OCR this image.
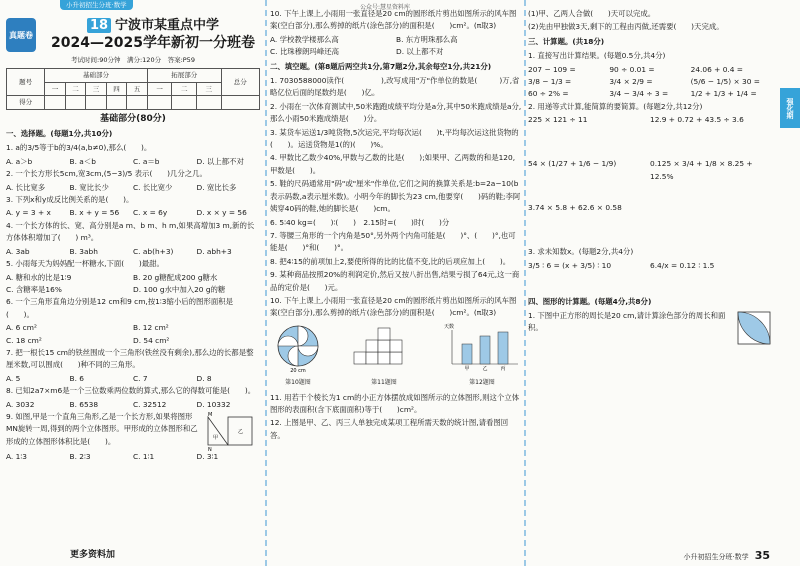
小升初招生分班·数学	公众号:慧星资料库
真题卷
18 宁波市某重点中学
2024—2025学年新初一分班卷
考试时间:90分钟　满分:120分　答案:P59
题号	基础部分					拓展部分			总分
	一	二	三	四	五	一	二	三	
得分									
基础部分(80分)
一、选择题。(每题1分,共10分)
1. a的3/5等于b的3/4(a,b≠0),那么(　　)。
A. a＞b	B. a＜b	C. a＝b	D. 以上都不对
2. 一个长方形长5cm,宽3cm,(5−3)/5 表示(　　)几分之几。
A. 长比宽多	B. 宽比长少	C. 长比宽少	D. 宽比长多
3. 下列x和y成反比例关系的是(　　)。
A. y = 3 + x	B. x + y = 56	C. x = 6y	D. x × y = 56
4. 一个长方体的长、宽、高分别是a m、b m、h m,如果高增加3 m,新的长方体体积增加了(　　) m³。
A. 3ab	B. 3abh	C. ab(h+3)	D. abh+3
5. 小雨每天为妈妈配一杯糖水,下面(　　)最甜。
A. 糖和水的比是1∶9	B. 20 g糖配成200 g糖水
C. 含糖率是16%	D. 100 g水中加入20 g的糖
6. 一个三角形直角边分别是12 cm和9 cm,按1∶3缩小后的图形面积是(　　)。
A. 6 cm²	B. 12 cm²
C. 18 cm²	D. 54 cm²
7. 把一根长15 cm的铁丝围成一个三角形(铁丝没有剩余),那么边的长都是整厘米数,可以围成(　　)种不同的三角形。
A. 5	B. 6	C. 7	D. 8
8. 已知2a7×m6是一个三位数乘两位数的算式,那么它的得数可能是(　　)。
A. 3032	B. 6538	C. 32512	D. 10332
9. 如图,甲是一个直角三角形,乙是一个长方形,如果将图形MN旋转一周,得到的两个立体图形。甲形成的立体图形和乙形成的立体图形体积比是(　　)。
M
N
甲
乙
A. 1∶3	B. 2∶3	C. 1∶1	D. 3∶1
10. 下午上课上,小雨用一张直径是20 cm的圆形纸片剪出如图所示的风车图案(空白部分),那么剪掉的纸片(涂色部分)的面积是(　　)cm²。(π取3)
A. 学校教学楼那么高	B. 东方明珠那么高
C. 比珠穆朗玛峰还高	D. 以上都不对
二、填空题。(第8题后两空共1分,第7题2分,其余每空1分,共21分)
1. 7030588000读作(　　　　　),改写成用"万"作单位的数是(　　　)万,省略亿位后面的尾数约是(　　)亿。
2. 小雨在一次体育测试中,50米跑跑成绩平均分是a分,其中50米跑成绩是a分,那么小雨50米跑成绩是(　　)分。
3. 某货车运送1/3吨货物,5次运完,平均每次运(　　)t,平均每次运这批货物的(　　)。运送货物是1(的)(　　)%。
4. 甲数比乙数少40%,甲数与乙数的比是(　　);如果甲、乙两数的和是120,甲数是(　　)。
5. 鞋的尺码通常用"码"或"厘米"作单位,它们之间的换算关系是:b=2a−10(b表示码数,a表示厘米数)。小明今年的脚长为23 cm,他要穿(　　)码的鞋;李阿姨穿40码的鞋,她的脚长是(　　)cm。
6. 5∶40 kg=(　　)∶(　　)　2.15时=(　　)时(　　)分
7. 等腰三角形的一个内角是50°,另外两个内角可能是(　　)°、(　　)°,也可能是(　　)°和(　　)°。
8. 把4∶15的前项加上2,要使所得的比的比值不变,比的后项应加上(　　)。
9. 某种商品按照20%的利润定价,然后又按八折出售,结果亏损了64元,这一商品的定价是(　　)元。
10. 下午上课上,小雨用一张直径是20 cm的圆形纸片剪出如图所示的风车图案(空白部分),那么剪掉的纸片(涂色部分)的面积是(　　)cm²。(π取3)
20 cm
第10题图	第11题图
天数
甲	乙	丙
第12题图
11. 用若干个棱长为1 cm的小正方体摆放成如图所示的立体图形,则这个立体图形的表面积(含下底面面积)等于(　　)cm²。
12. 上图是甲、乙、丙三人单独完成某项工程所需天数的统计图,请看图回答。
(1)甲、乙两人合做(　　)天可以完成。
(2)先由甲独做3天,剩下的工程由丙做,还需要(　　)天完成。
三、计算题。(共18分)
1. 直接写出计算结果。(每题0.5分,共4分)
207 − 109 =	90 ÷ 0.01 =	24.06 + 0.4 =
3/8 − 1/3 =	3/4 × 2/9 =	(5/6 − 1/5) × 30 =
60 ÷ 2% =	3/4 − 3/4 ÷ 3 =	1/2 + 1/3 + 1/4 =
2. 用递等式计算,能简算的要简算。(每题2分,共12分)
225 × 121 ÷ 11	12.9 + 0.72 + 43.5 ÷ 3.6
54 × (1/27 + 1/6 − 1/9)	0.125 × 3/4 + 1/8 × 8.25 + 12.5%
3.74 × 5.8 + 62.6 × 0.58
3. 求未知数x。(每题2分,共4分)
3/5 ∶ 6 = (x + 3/5) ∶ 10	6.4/x = 0.12 ∶ 1.5
四、图形的计算题。(每题4分,共8分)
1. 下图中正方形的周长是20 cm,请计算涂色部分的周长和面积。
强化期
更多资料加	小升初招生分班·数学 35
